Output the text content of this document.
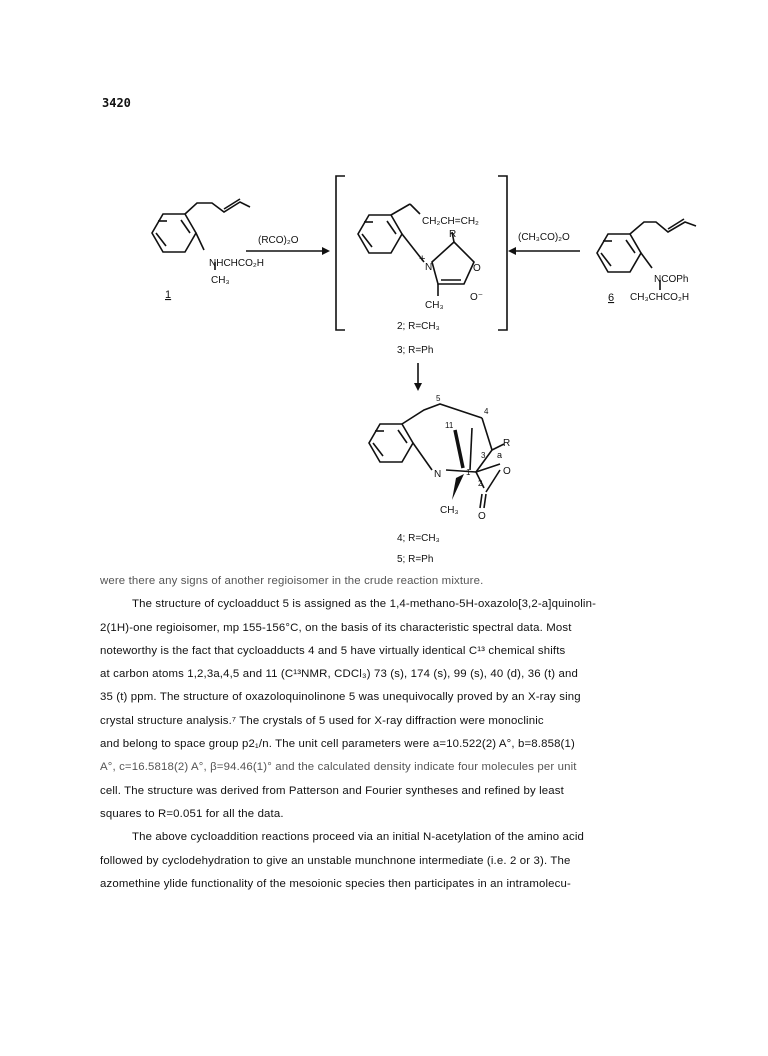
3420
NHCHCO₂H
CH₃
1
(RCO)₂O
CH₂CH=CH₂
R
+
N	O
O⁻
CH₃
2; R=CH₃
3; R=Ph
(CH₃CO)₂O
NCOPh
CH₃CHCO₂H
6
5
4
11
3 a
R
N	1
2
O
O
CH₃
4; R=CH₃
5; R=Ph

were there any signs of another regioisomer in the crude reaction mixture.

The structure of cycloadduct 5 is assigned as the 1,4-methano-5H-oxazolo[3,2-a]quinolin-

2(1H)-one regioisomer, mp 155-156°C, on the basis of its characteristic spectral data. Most

noteworthy is the fact that cycloadducts 4 and 5 have virtually identical C¹³ chemical shifts

at carbon atoms 1,2,3a,4,5 and 11 (C¹³NMR, CDCl₃) 73 (s), 174 (s), 99 (s), 40 (d), 36 (t) and

35 (t) ppm. The structure of oxazoloquinolinone 5 was unequivocally proved by an X-ray sing

crystal structure analysis.⁷ The crystals of 5 used for X-ray diffraction were monoclinic

and belong to space group p2₁/n. The unit cell parameters were a=10.522(2) A°, b=8.858(1)

A°, c=16.5818(2) A°, β=94.46(1)° and the calculated density indicate four molecules per unit

cell. The structure was derived from Patterson and Fourier syntheses and refined by least

squares to R=0.051 for all the data.

The above cycloaddition reactions proceed via an initial N-acetylation of the amino acid

followed by cyclodehydration to give an unstable munchnone intermediate (i.e. 2 or 3). The

azomethine ylide functionality of the mesoionic species then participates in an intramolecu-
